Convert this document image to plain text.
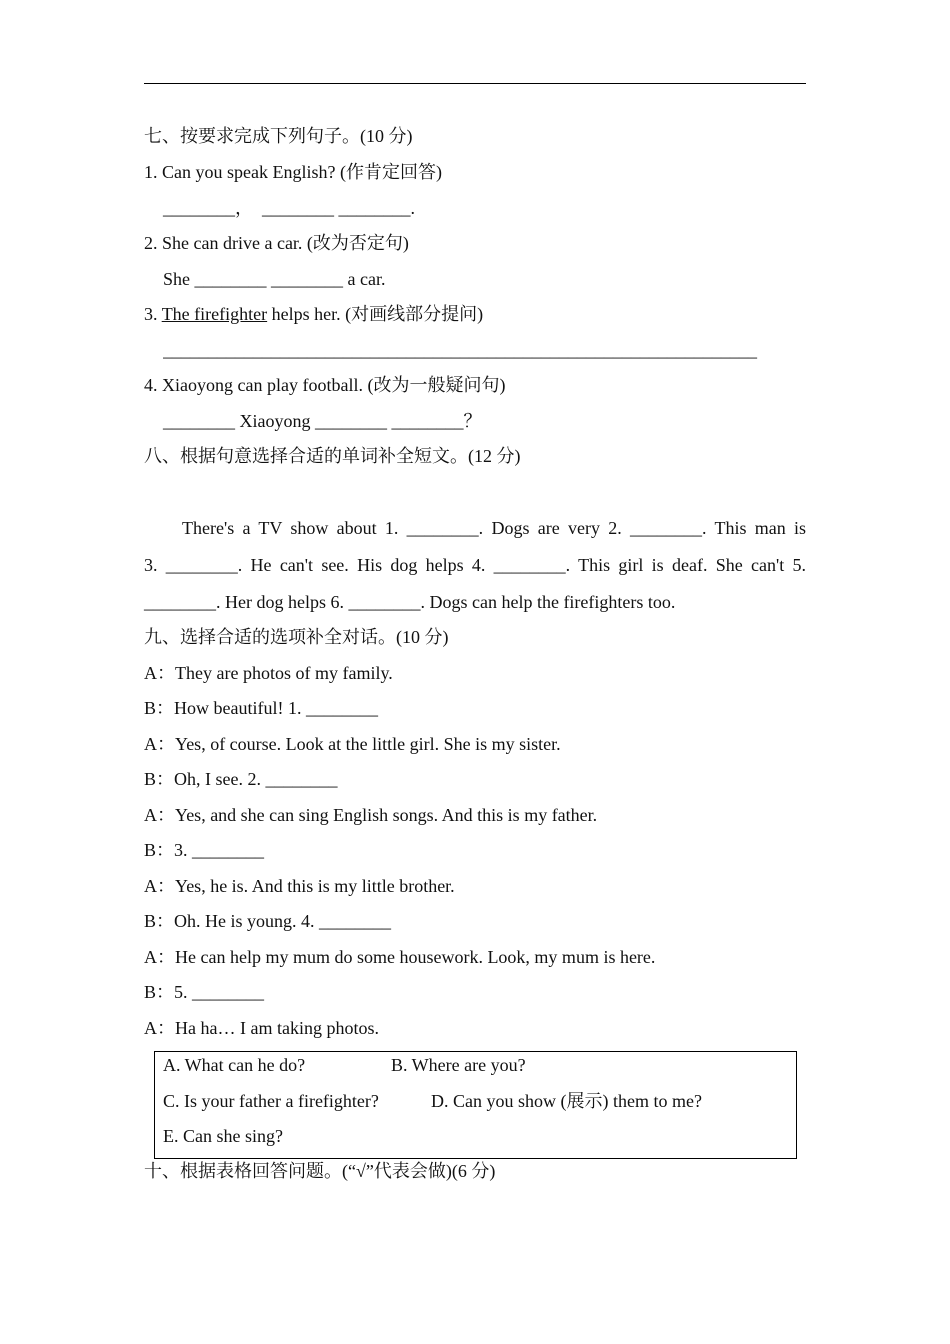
七、按要求完成下列句子。(10 分)
1. Can you speak English? (作肯定回答)
________，  ________ ________.
2. She can drive a car. (改为否定句)
She ________ ________ a car.
3. The firefighter helps her. (对画线部分提问)
__________________________________________________________________
4. Xiaoyong can play football. (改为一般疑问句)
________ Xiaoyong ________ ________？
八、根据句意选择合适的单词补全短文。(12 分)
There's a TV show about 1. ________. Dogs are very 2. ________. This man is
3. ________. He can't see. His dog helps 4. ________. This girl is deaf. She can't 5.
________. Her dog helps 6. ________. Dogs can help the firefighters too.
九、选择合适的选项补全对话。(10 分)
A：They are photos of my family.
B：How beautiful! 1. ________
A：Yes, of course. Look at the little girl. She is my sister.
B：Oh, I see. 2. ________
A：Yes, and she can sing English songs. And this is my father.
B：3. ________
A：Yes, he is. And this is my little brother.
B：Oh. He is young. 4. ________
A：He can help my mum do some housework. Look, my mum is here.
B：5. ________
A：Ha ha… I am taking photos.
A. What can he do?	B. Where are you?
C. Is your father a firefighter?	D. Can you show (展示) them to me?
E. Can she sing?
十、根据表格回答问题。(“√”代表会做)(6 分)
